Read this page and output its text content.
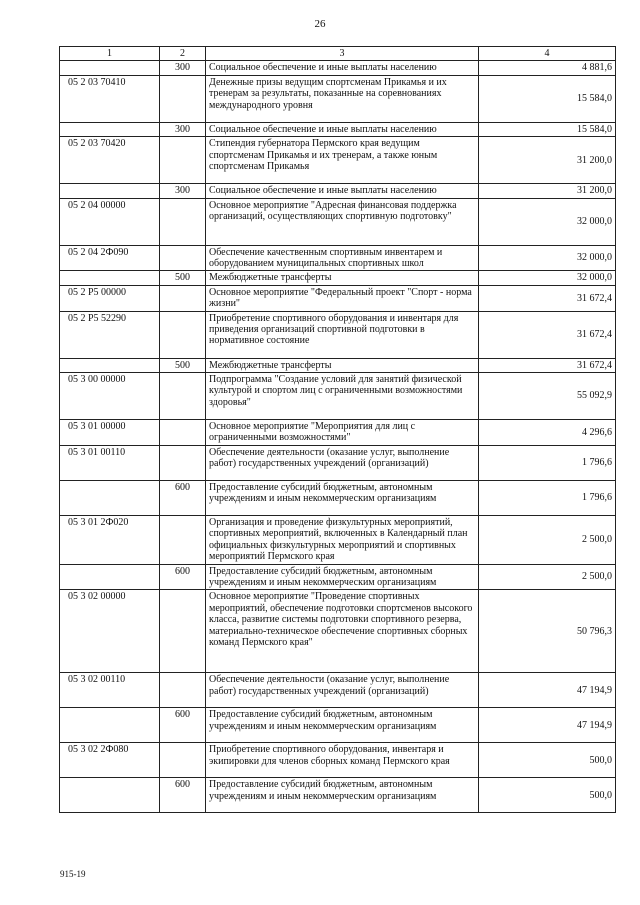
26
1	2	3	4
	300	Социальное обеспечение и иные выплаты населению	4 881,6
05 2 03 70410		Денежные призы ведущим спортсменам Прикамья и их тренерам за результаты, показанные на соревнованиях международного уровня	15 584,0
	300	Социальное обеспечение и иные выплаты населению	15 584,0
05 2 03 70420		Стипендия губернатора Пермского края ведущим спортсменам Прикамья и их тренерам, а также юным спортсменам Прикамья	31 200,0
	300	Социальное обеспечение и иные выплаты населению	31 200,0
05 2 04 00000		Основное мероприятие "Адресная финансовая поддержка организаций, осуществляющих спортивную подготовку"	32 000,0
05 2 04 2Ф090		Обеспечение качественным спортивным инвентарем и оборудованием муниципальных спортивных школ	32 000,0
	500	Межбюджетные трансферты	32 000,0
05 2 P5 00000		Основное мероприятие "Федеральный проект "Спорт - норма жизни"	31 672,4
05 2 P5 52290		Приобретение спортивного оборудования и инвентаря для приведения организаций спортивной подготовки в нормативное состояние	31 672,4
	500	Межбюджетные трансферты	31 672,4
05 3 00 00000		Подпрограмма "Создание условий для занятий физической культурой и спортом лиц с ограниченными возможностями здоровья"	55 092,9
05 3 01 00000		Основное мероприятие "Мероприятия для лиц с ограниченными возможностями"	4 296,6
05 3 01 00110		Обеспечение деятельности (оказание услуг, выполнение работ) государственных учреждений (организаций)	1 796,6
	600	Предоставление субсидий бюджетным, автономным учреждениям и иным некоммерческим организациям	1 796,6
05 3 01 2Ф020		Организация и проведение физкультурных мероприятий, спортивных мероприятий, включенных в Календарный план официальных физкультурных мероприятий и спортивных мероприятий Пермского края	2 500,0
	600	Предоставление субсидий бюджетным, автономным учреждениям и иным некоммерческим организациям	2 500,0
05 3 02 00000		Основное мероприятие "Проведение спортивных мероприятий, обеспечение подготовки спортсменов высокого класса, развитие системы подготовки спортивного резерва, материально-техническое обеспечение спортивных сборных команд Пермского края"	50 796,3
05 3 02 00110		Обеспечение деятельности (оказание услуг, выполнение работ) государственных учреждений (организаций)	47 194,9
	600	Предоставление субсидий бюджетным, автономным учреждениям и иным некоммерческим организациям	47 194,9
05 3 02 2Ф080		Приобретение спортивного оборудования, инвентаря и экипировки для членов сборных команд Пермского края	500,0
	600	Предоставление субсидий бюджетным, автономным учреждениям и иным некоммерческим организациям	500,0
915-19
